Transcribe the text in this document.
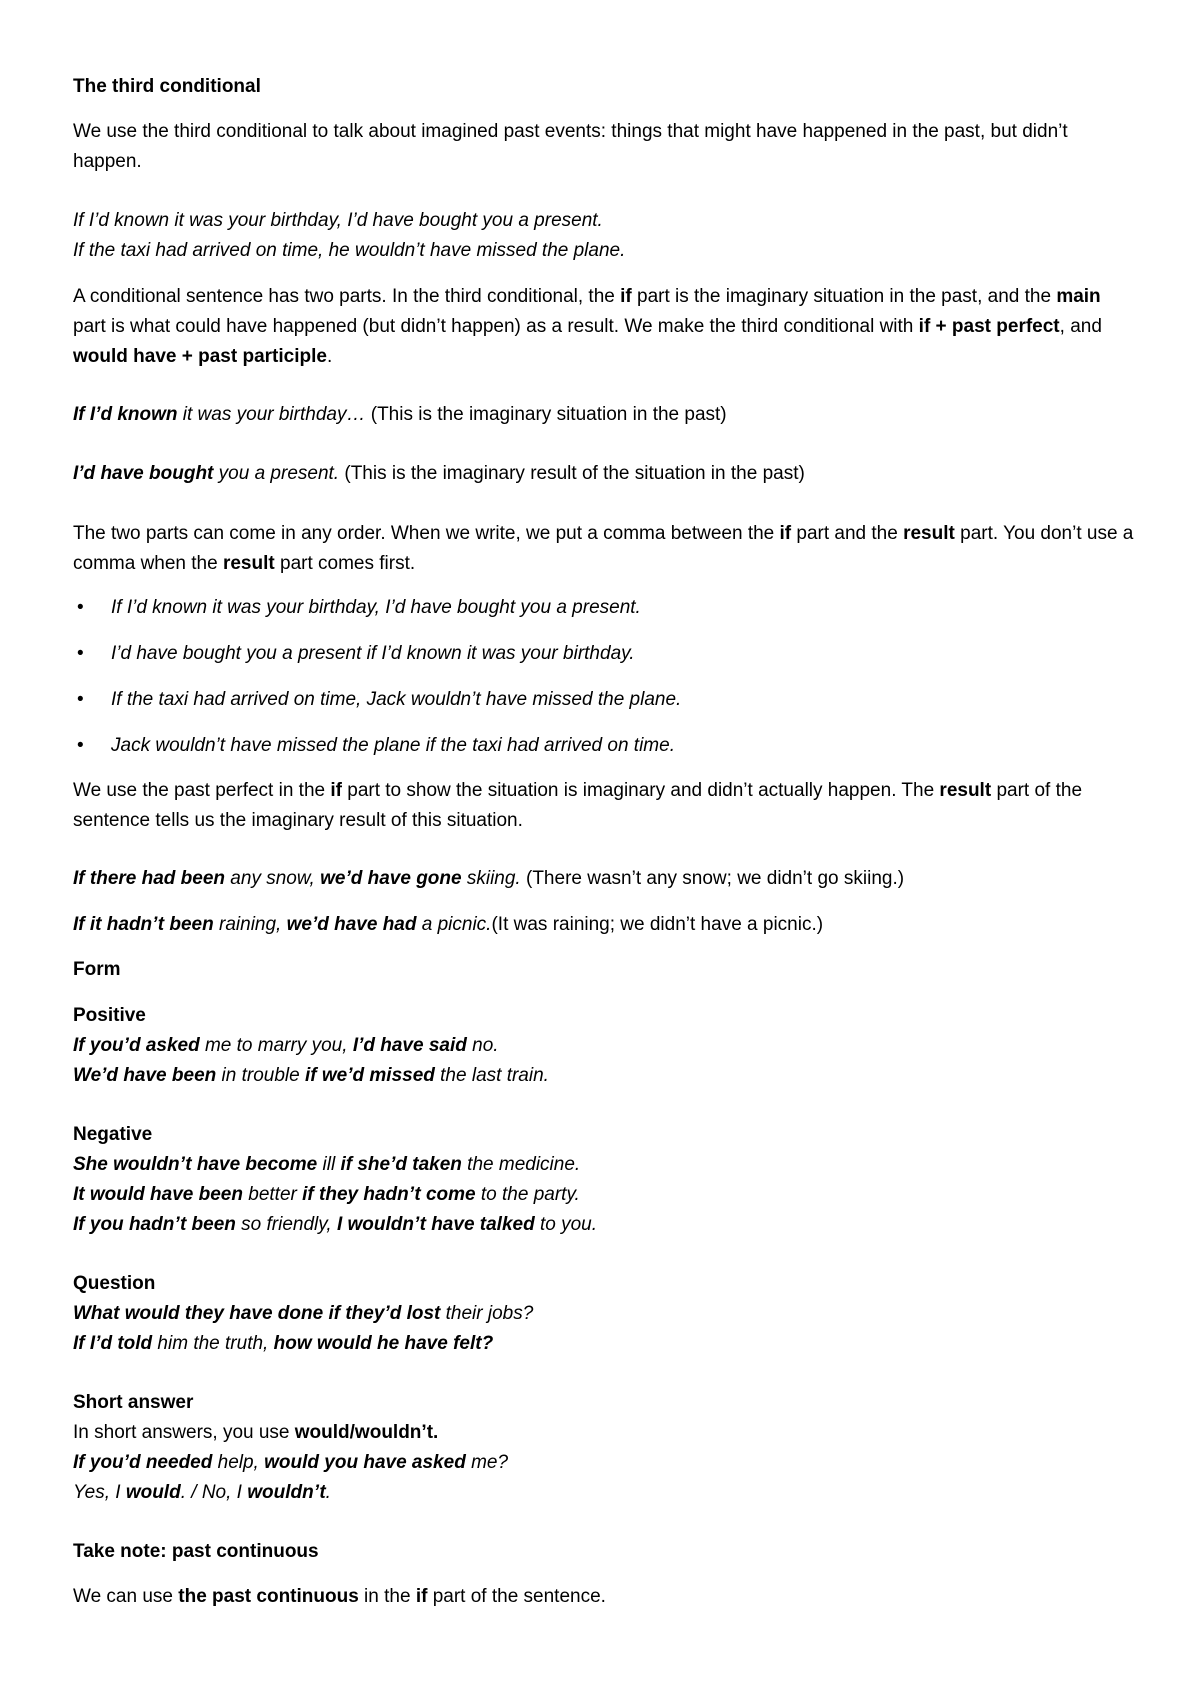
The third conditional

We use the third conditional to talk about imagined past events: things that might have happened in the past, but didn’t happen.

If I’d known it was your birthday, I’d have bought you a present.
If the taxi had arrived on time, he wouldn’t have missed the plane.

A conditional sentence has two parts. In the third conditional, the if part is the imaginary situation in the past, and the main part is what could have happened (but didn’t happen) as a result. We make the third conditional with if + past perfect, and would have + past participle.

If I’d known it was your birthday… (This is the imaginary situation in the past)
I’d have bought you a present. (This is the imaginary result of the situation in the past)

The two parts can come in any order. When we write, we put a comma between the if part and the result part. You don’t use a comma when the result part comes first.

• If I’d known it was your birthday, I’d have bought you a present.
• I’d have bought you a present if I’d known it was your birthday.
• If the taxi had arrived on time, Jack wouldn’t have missed the plane.
• Jack wouldn’t have missed the plane if the taxi had arrived on time.

We use the past perfect in the if part to show the situation is imaginary and didn’t actually happen. The result part of the sentence tells us the imaginary result of this situation.

If there had been any snow, we’d have gone skiing. (There wasn’t any snow; we didn’t go skiing.)
If it hadn’t been raining, we’d have had a picnic.(It was raining; we didn’t have a picnic.)
Form
Positive
If you’d asked me to marry you, I’d have said no.
We’d have been in trouble if we’d missed the last train.
Negative
She wouldn’t have become ill if she’d taken the medicine.
It would have been better if they hadn’t come to the party.
If you hadn’t been so friendly, I wouldn’t have talked to you.
Question
What would they have done if they’d lost their jobs?
If I’d told him the truth, how would he have felt?
Short answer
In short answers, you use would/wouldn’t.
If you’d needed help, would you have asked me?
Yes, I would. / No, I wouldn’t.
Take note: past continuous
We can use the past continuous in the if part of the sentence.
